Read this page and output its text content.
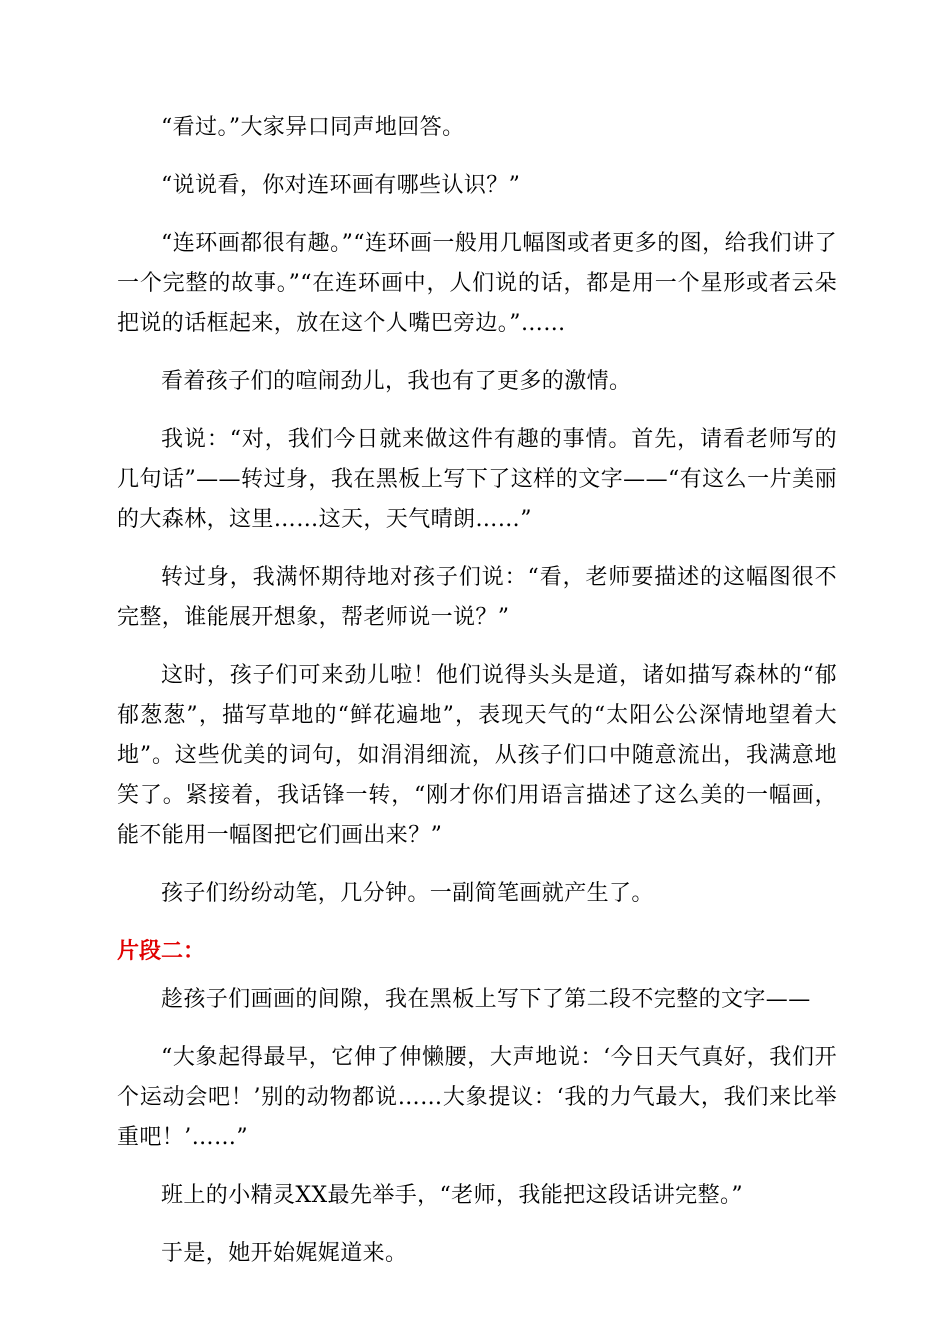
“看过。”大家异口同声地回答。

“说说看，你对连环画有哪些认识？”

“连环画都很有趣。”“连环画一般用几幅图或者更多的图，给我们讲了一个完整的故事。”“在连环画中，人们说的话，都是用一个星形或者云朵把说的话框起来，放在这个人嘴巴旁边。”……

看着孩子们的喧闹劲儿，我也有了更多的激情。

我说：“对，我们今日就来做这件有趣的事情。首先，请看老师写的几句话”——转过身，我在黑板上写下了这样的文字——“有这么一片美丽的大森林，这里……这天，天气晴朗……”

转过身，我满怀期待地对孩子们说：“看，老师要描述的这幅图很不完整，谁能展开想象，帮老师说一说？”

这时，孩子们可来劲儿啦！他们说得头头是道，诸如描写森林的“郁郁葱葱”，描写草地的“鲜花遍地”，表现天气的“太阳公公深情地望着大地”。这些优美的词句，如涓涓细流，从孩子们口中随意流出，我满意地笑了。紧接着，我话锋一转，“刚才你们用语言描述了这么美的一幅画，能不能用一幅图把它们画出来？”

孩子们纷纷动笔，几分钟。一副简笔画就产生了。

片段二：

趁孩子们画画的间隙，我在黑板上写下了第二段不完整的文字——

“大象起得最早，它伸了伸懒腰，大声地说：‘今日天气真好，我们开个运动会吧！’别的动物都说……大象提议：‘我的力气最大，我们来比举重吧！’……”

班上的小精灵XX最先举手，“老师，我能把这段话讲完整。”

于是，她开始娓娓道来。
